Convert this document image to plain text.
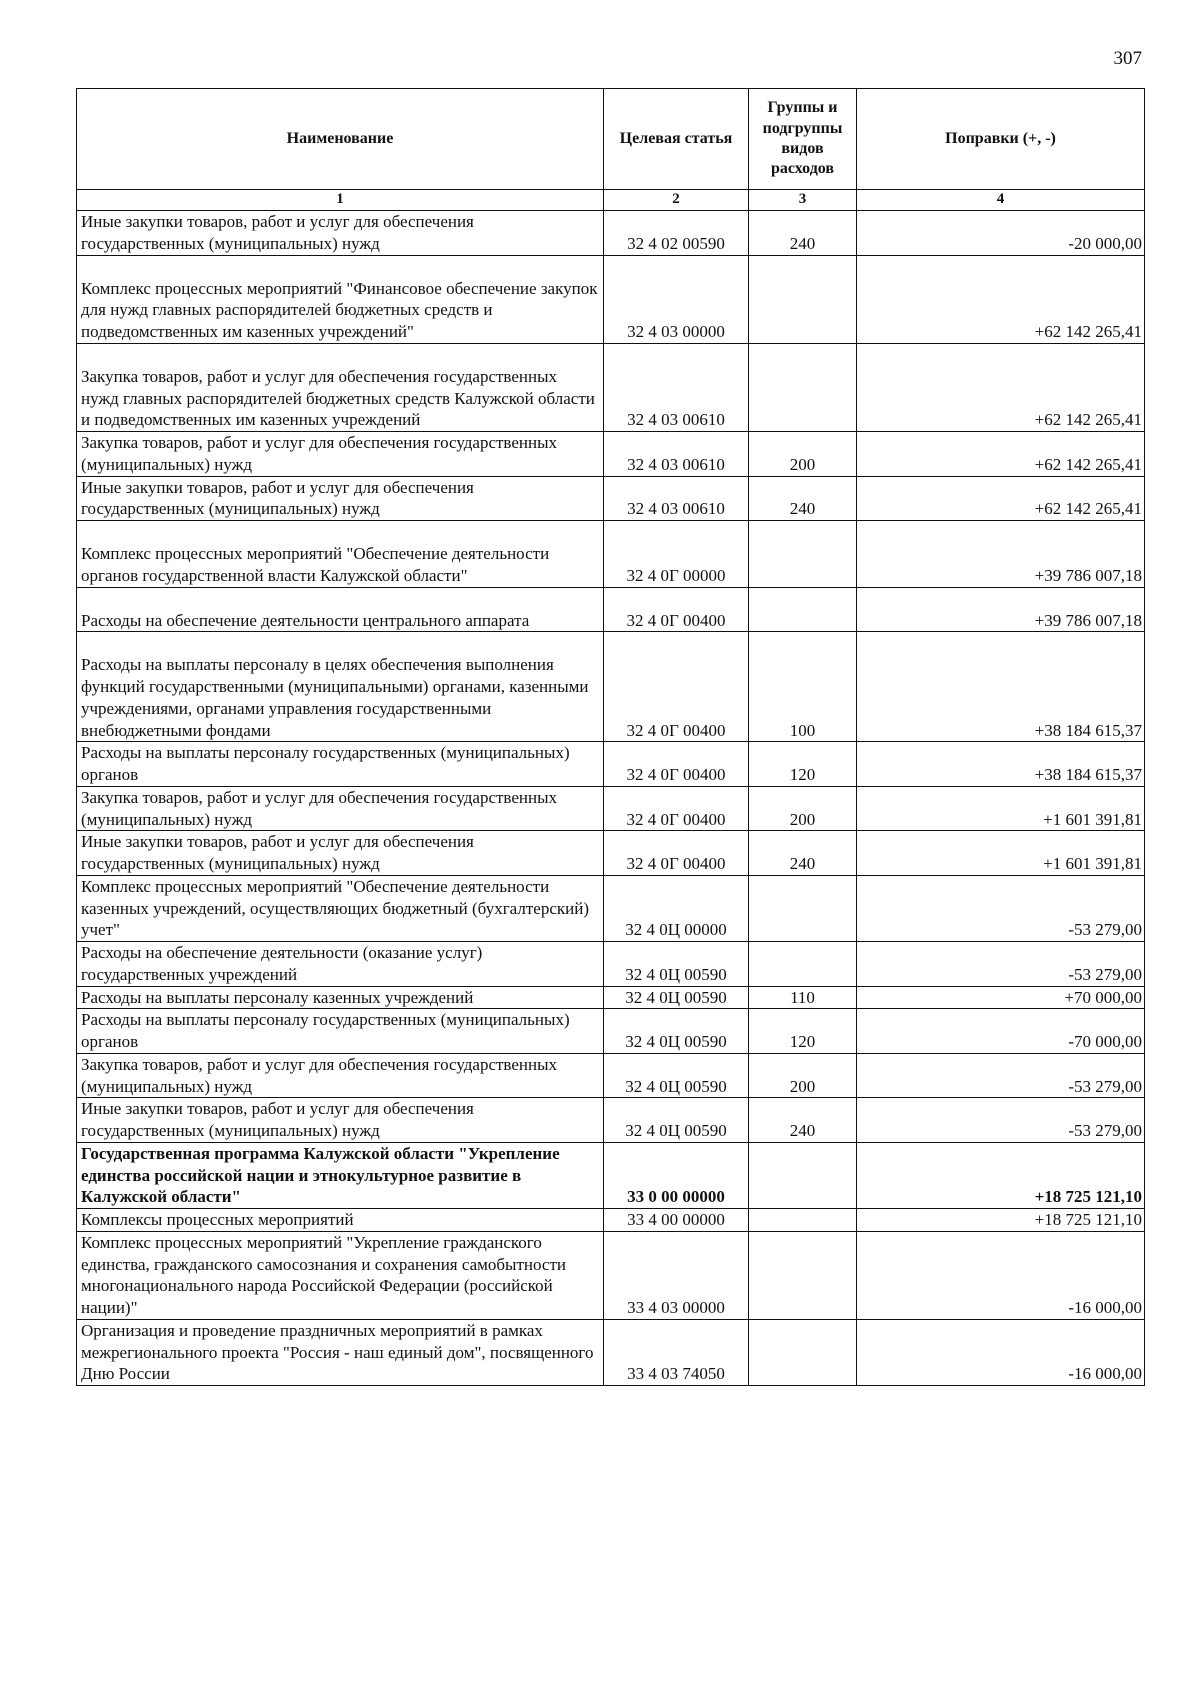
307
Наименование	Целевая статья	Группы и подгруппы видов расходов	Поправки (+, -)
1	2	3	4
Иные закупки товаров, работ и услуг для обеспечения государственных (муниципальных) нужд	32 4 02 00590	240	-20 000,00
Комплекс процессных мероприятий "Финансовое обеспечение закупок для нужд главных распорядителей бюджетных средств и подведомственных им казенных учреждений"	32 4 03 00000		+62 142 265,41
Закупка товаров, работ и услуг для обеспечения государственных нужд главных распорядителей бюджетных средств Калужской области и подведомственных им казенных учреждений	32 4 03 00610		+62 142 265,41
Закупка товаров, работ и услуг для обеспечения государственных (муниципальных) нужд	32 4 03 00610	200	+62 142 265,41
Иные закупки товаров, работ и услуг для обеспечения государственных (муниципальных) нужд	32 4 03 00610	240	+62 142 265,41
Комплекс процессных мероприятий "Обеспечение деятельности органов государственной власти Калужской области"	32 4 0Г 00000		+39 786 007,18
Расходы на обеспечение деятельности центрального аппарата	32 4 0Г 00400		+39 786 007,18
Расходы на выплаты персоналу в целях обеспечения выполнения функций государственными (муниципальными) органами, казенными учреждениями, органами управления государственными внебюджетными фондами	32 4 0Г 00400	100	+38 184 615,37
Расходы на выплаты персоналу государственных (муниципальных) органов	32 4 0Г 00400	120	+38 184 615,37
Закупка товаров, работ и услуг для обеспечения государственных (муниципальных) нужд	32 4 0Г 00400	200	+1 601 391,81
Иные закупки товаров, работ и услуг для обеспечения государственных (муниципальных) нужд	32 4 0Г 00400	240	+1 601 391,81
Комплекс процессных мероприятий "Обеспечение деятельности казенных учреждений, осуществляющих бюджетный (бухгалтерский) учет"	32 4 0Ц 00000		-53 279,00
Расходы на обеспечение деятельности (оказание услуг) государственных учреждений	32 4 0Ц 00590		-53 279,00
Расходы на выплаты персоналу казенных учреждений	32 4 0Ц 00590	110	+70 000,00
Расходы на выплаты персоналу государственных (муниципальных) органов	32 4 0Ц 00590	120	-70 000,00
Закупка товаров, работ и услуг для обеспечения государственных (муниципальных) нужд	32 4 0Ц 00590	200	-53 279,00
Иные закупки товаров, работ и услуг для обеспечения государственных (муниципальных) нужд	32 4 0Ц 00590	240	-53 279,00
Государственная программа Калужской области "Укрепление единства российской нации и этнокультурное развитие в Калужской области"	33 0 00 00000		+18 725 121,10
Комплексы процессных мероприятий	33 4 00 00000		+18 725 121,10
Комплекс процессных мероприятий "Укрепление гражданского единства, гражданского самосознания и сохранения самобытности многонационального народа Российской Федерации (российской нации)"	33 4 03 00000		-16 000,00
Организация и проведение праздничных мероприятий в рамках межрегионального проекта "Россия - наш единый дом", посвященного Дню России	33 4 03 74050		-16 000,00
